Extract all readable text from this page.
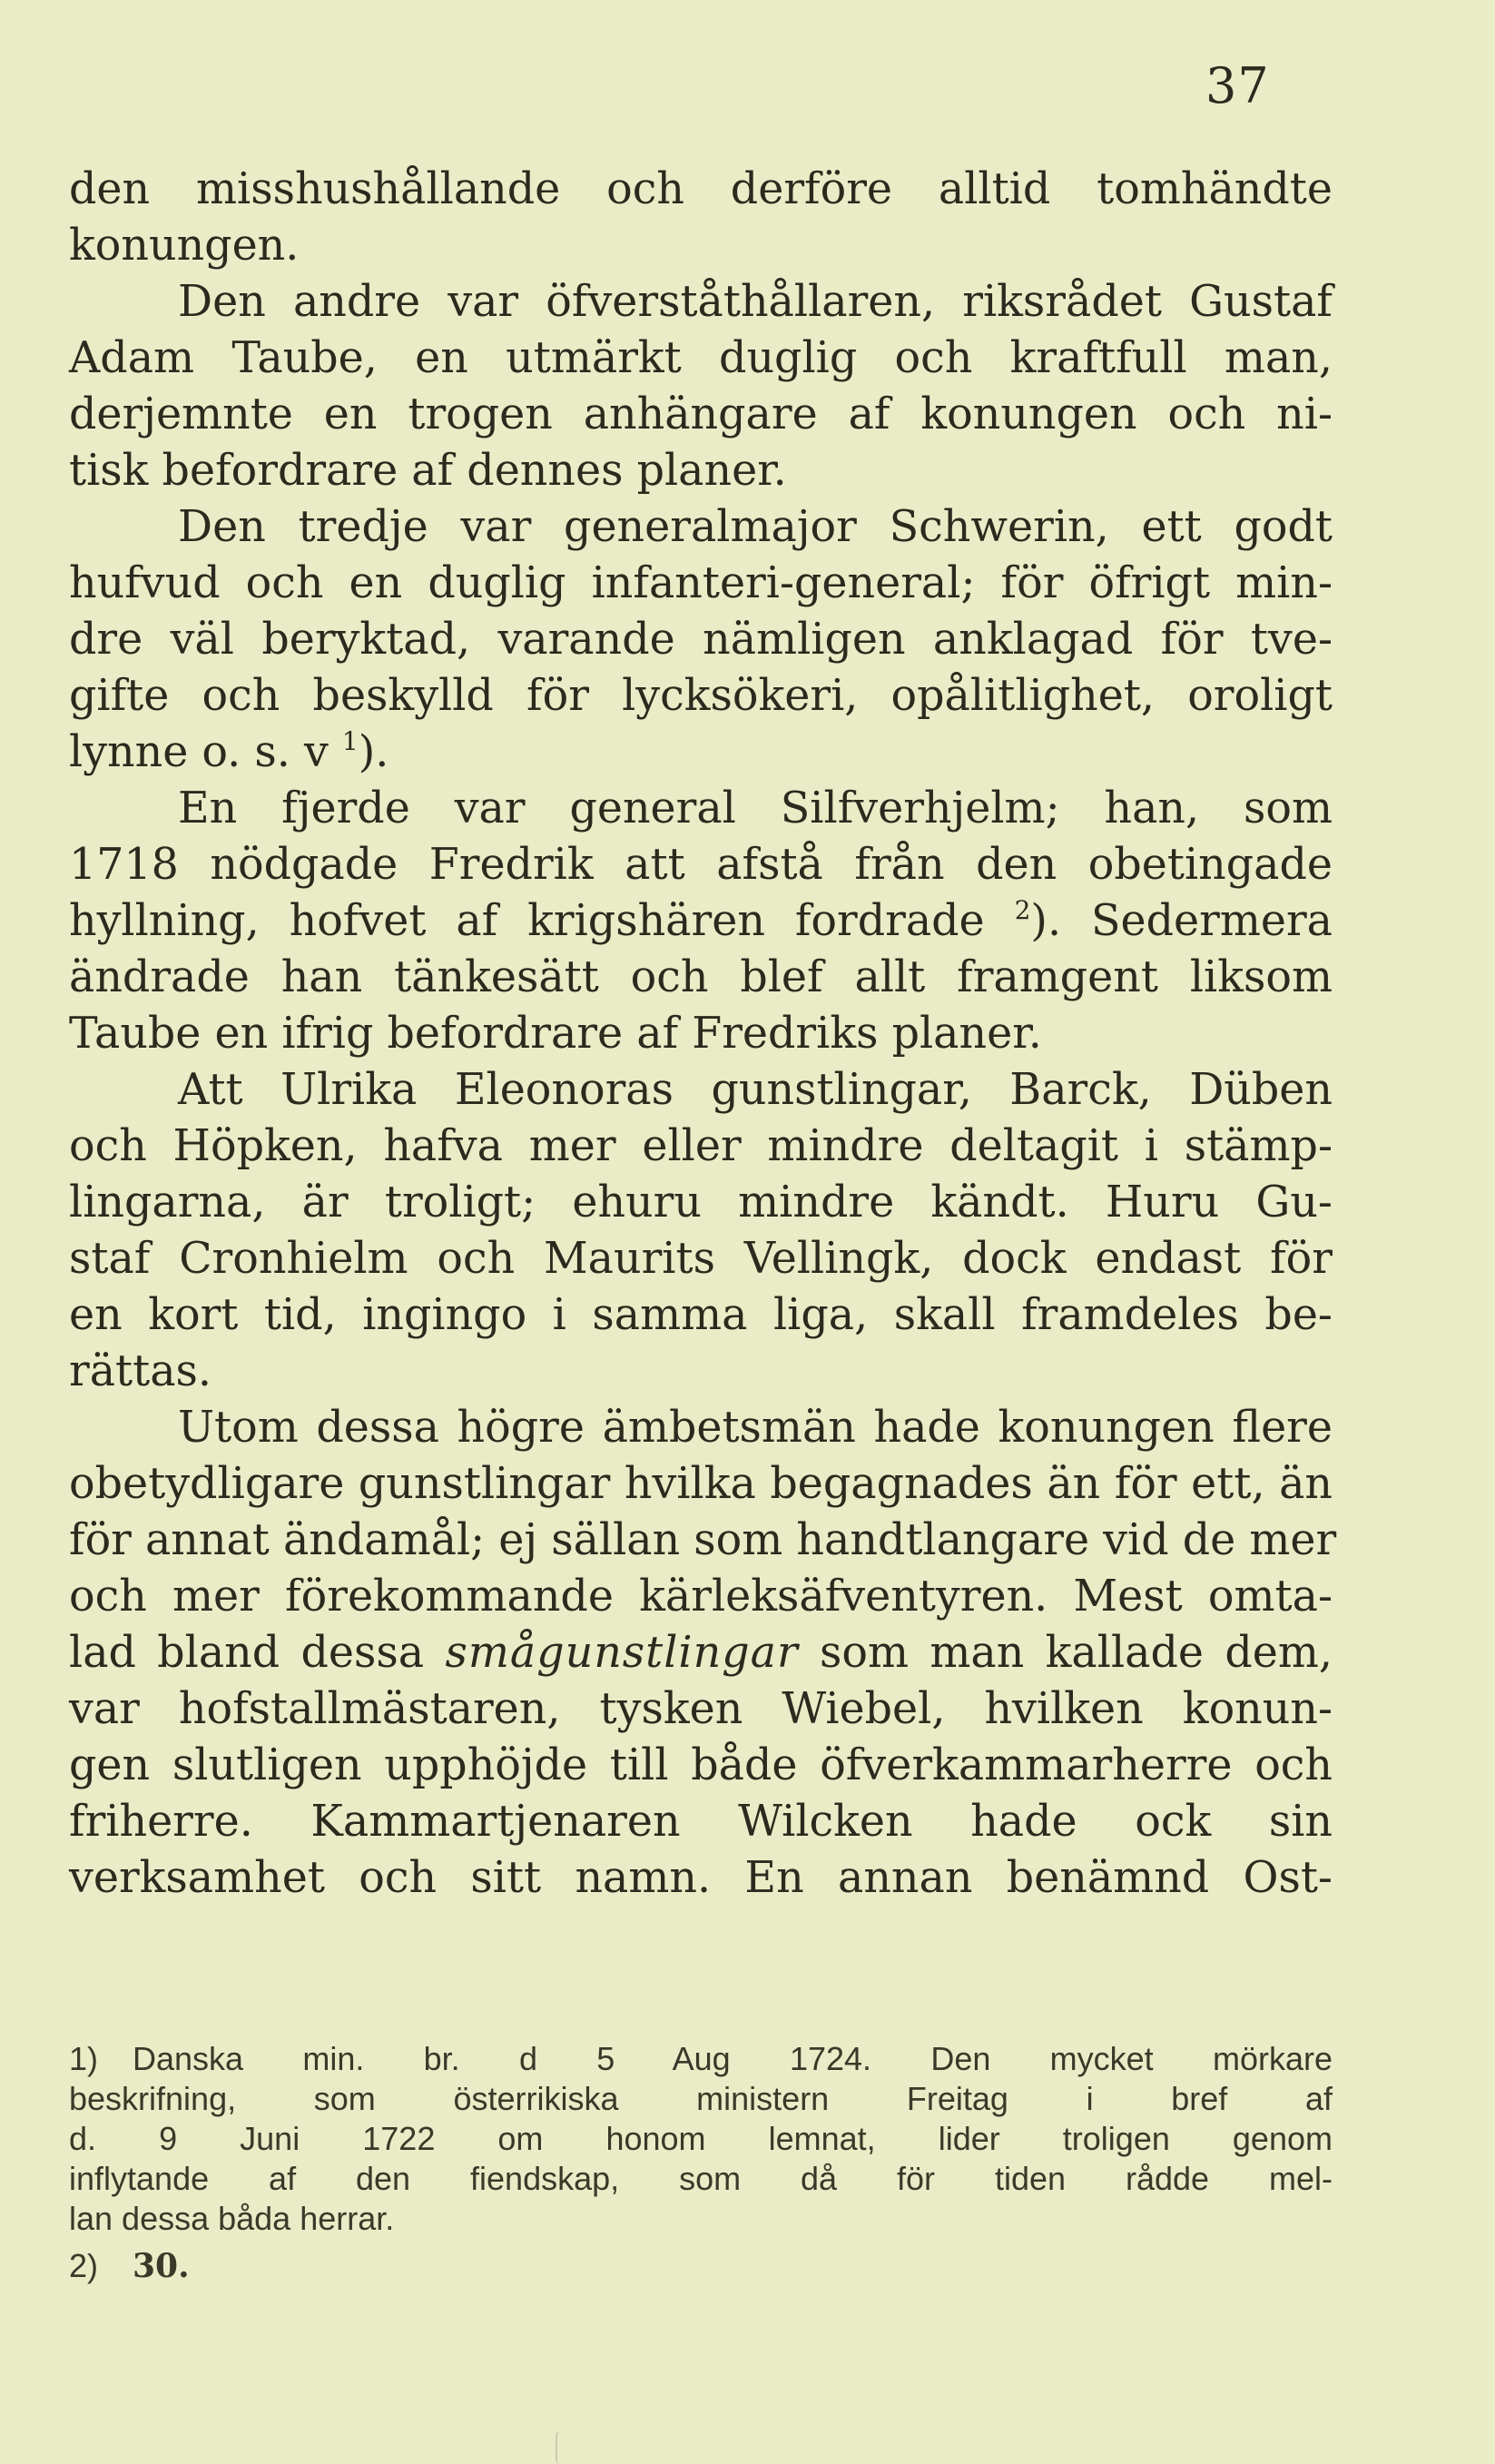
37
den misshushållande och derföre alltid tomhändte
konungen.
Den andre var öfverståthållaren, riksrådet Gustaf
Adam Taube, en utmärkt duglig och kraftfull man,
derjemnte en trogen anhängare af konungen och ni-
tisk befordrare af dennes planer.
Den tredje var generalmajor Schwerin, ett godt
hufvud och en duglig infanteri-general; för öfrigt min-
dre väl beryktad, varande nämligen anklagad för tve-
gifte och beskylld för lycksökeri, opålitlighet, oroligt
lynne o. s. v $^1$).
En fjerde var general Silfverhjelm; han, som
1718 nödgade Fredrik att afstå från den obetingade
hyllning, hofvet af krigshären fordrade $^2$). Sedermera
ändrade han tänkesätt och blef allt framgent liksom
Taube en ifrig befordrare af Fredriks planer.
Att Ulrika Eleonoras gunstlingar, Barck, Düben
och Höpken, hafva mer eller mindre deltagit i stämp-
lingarna, är troligt; ehuru mindre kändt. Huru Gu-
staf Cronhielm och Maurits Vellingk, dock endast för
en kort tid, ingingo i samma liga, skall framdeles be-
rättas.
Utom dessa högre ämbetsmän hade konungen flere
obetydligare gunstlingar hvilka begagnades än för ett, än
för annat ändamål; ej sällan som handtlangare vid de mer
och mer förekommande kärleksäfventyren. Mest omta-
lad bland dessa smågunstlingar som man kallade dem,
var hofstallmästaren, tysken Wiebel, hvilken konun-
gen slutligen upphöjde till både öfverkammarherre och
friherre. Kammartjenaren Wilcken hade ock sin
verksamhet och sitt namn. En annan benämnd Ost-
1) Danska min. br. d 5 Aug 1724. Den mycket mörkare
beskrifning, som österrikiska ministern Freitag i bref af
d. 9 Juni 1722 om honom lemnat, lider troligen genom
inflytande af den fiendskap, som då för tiden rådde mel-
lan dessa båda herrar.
2) 30.
